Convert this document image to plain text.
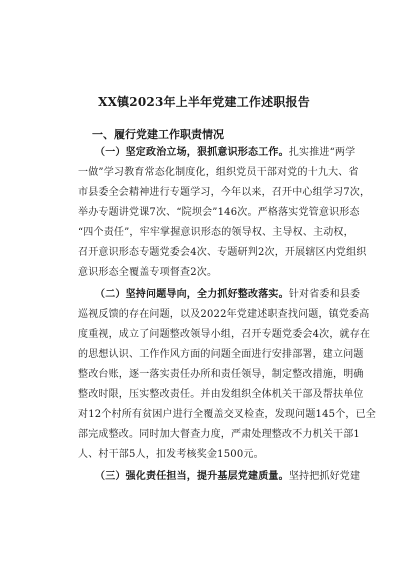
XX镇2023年上半年党建工作述职报告
一、履行党建工作职责情况
（一）坚定政治立场，狠抓意识形态工作。扎实推进“两学
一做”学习教育常态化制度化，组织党员干部对党的十九大、省
市县委全会精神进行专题学习，今年以来，召开中心组学习7次，
举办专题讲党课7次、“院坝会”146次。严格落实党管意识形态
“四个责任”，牢牢掌握意识形态的领导权、主导权、主动权，
召开意识形态专题党委会4次、专题研判2次，开展辖区内党组织
意识形态全覆盖专项督查2次。
（二）坚持问题导向，全力抓好整改落实。针对省委和县委
巡视反馈的存在问题，以及2022年党建述职查找问题，镇党委高
度重视，成立了问题整改领导小组，召开专题党委会4次，就存在
的思想认识、工作作风方面的问题全面进行安排部署，建立问题
整改台账，逐一落实责任办所和责任领导，制定整改措施，明确
整改时限，压实整改责任。并由发组织全体机关干部及帮扶单位
对12个村所有贫困户进行全覆盖交叉检查，发现问题145个，已全
部完成整改。同时加大督查力度，严肃处理整改不力机关干部1
人、村干部5人，扣发考核奖金1500元。
（三）强化责任担当，提升基层党建质量。坚持把抓好党建
